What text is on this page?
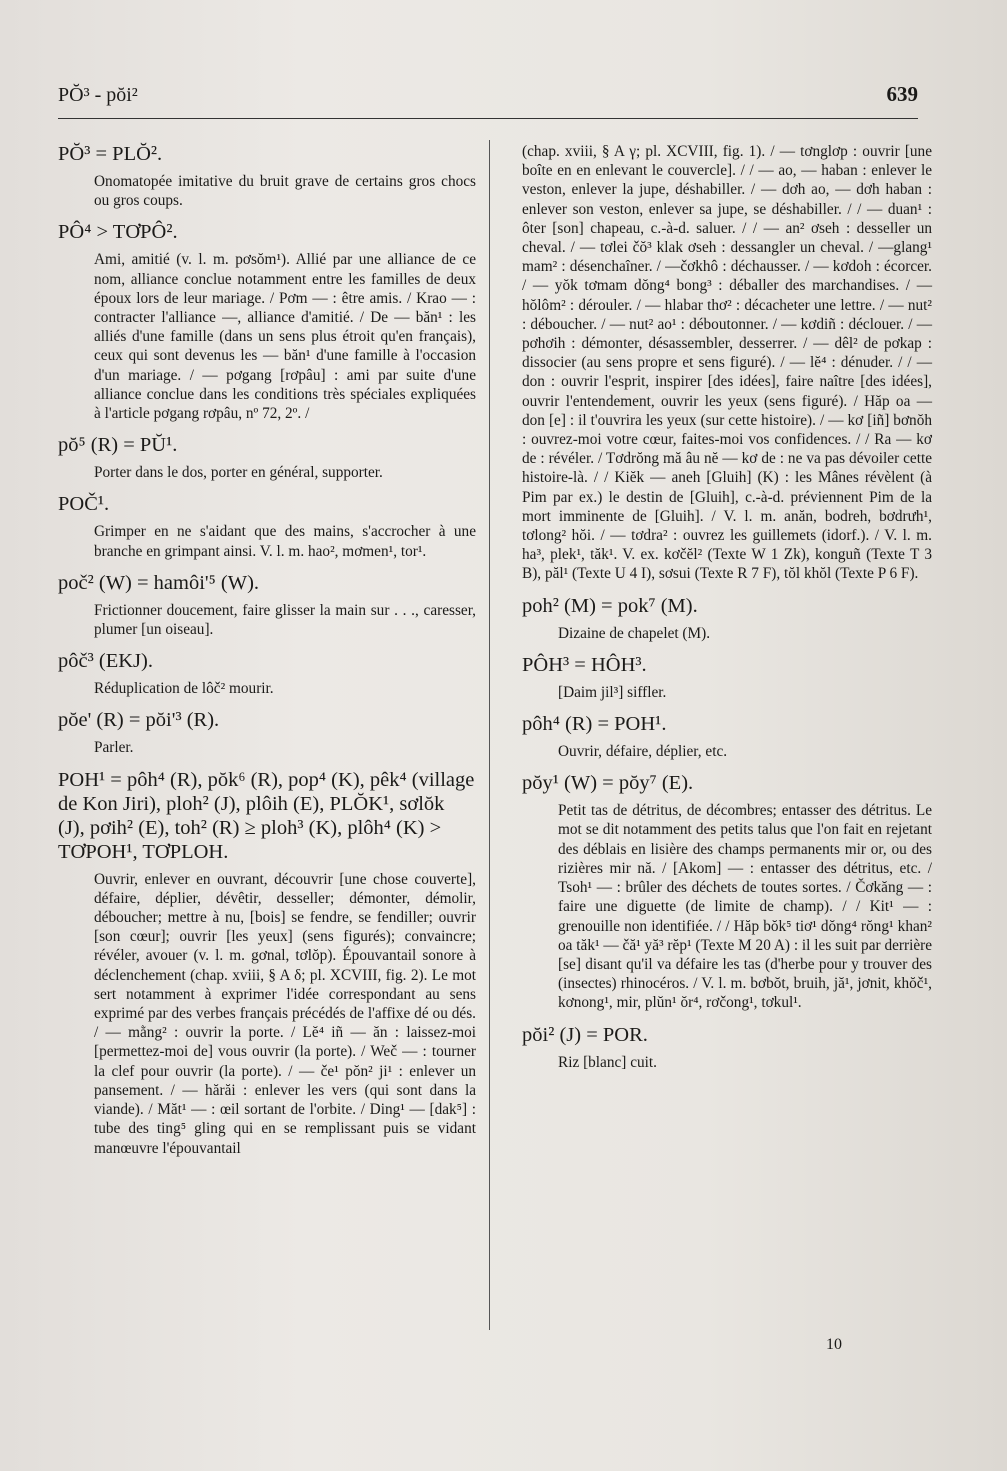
PŎ³ - pŏi²	639
PŎ³ = PLŎ².
Onomatopée imitative du bruit grave de certains gros chocs ou gros coups.
PÔ⁴ > TƠPÔ².
Ami, amitié (v. l. m. pơsŏm¹). Allié par une alliance de ce nom, alliance conclue notamment entre les familles de deux époux lors de leur mariage. / Pơm — : être amis. / Krao — : contracter l'alliance —, alliance d'amitié. / De — băn¹ : les alliés d'une famille (dans un sens plus étroit qu'en français), ceux qui sont devenus les — băn¹ d'une famille à l'occasion d'un mariage. / — pơgang [rơpâu] : ami par suite d'une alliance conclue dans les conditions très spéciales expliquées à l'article pơgang rơpâu, nº 72, 2º. /
pŏ⁵ (R) = PŬ¹.
Porter dans le dos, porter en général, supporter.
POČ¹.
Grimper en ne s'aidant que des mains, s'accrocher à une branche en grimpant ainsi. V. l. m. hao², mơmen¹, tor¹.
poč² (W) = hamôi'⁵ (W).
Frictionner doucement, faire glisser la main sur . . ., caresser, plumer [un oiseau].
pôč³ (EKJ).
Réduplication de lôč² mourir.
pŏe' (R) = pŏi'³ (R).
Parler.
POH¹ = pôh⁴ (R), pŏk⁶ (R), pop⁴ (K), pêk⁴ (village de Kon Jiri), ploh² (J), plôih (E), PLŎK¹, sơlŏk (J), pơih² (E), toh² (R) ≥ ploh³ (K), plôh⁴ (K) > TƠPOH¹, TƠPLOH.
Ouvrir, enlever en ouvrant, découvrir [une chose couverte], défaire, déplier, dévêtir, desseller; démonter, démolir, déboucher; mettre à nu, [bois] se fendre, se fendiller; ouvrir [son cœur]; ouvrir [les yeux] (sens figurés); convaincre; révéler, avouer (v. l. m. gơnal, tơlŏp). Épouvantail sonore à déclenchement (chap. xviii, § A δ; pl. XCVIII, fig. 2). Le mot sert notamment à exprimer l'idée correspondant au sens exprimé par des verbes français précédés de l'affixe dé ou dés. / — mằng² : ouvrir la porte. / Lĕ⁴ iñ — ăn : laissez-moi [permettez-moi de] vous ouvrir (la porte). / Weč — : tourner la clef pour ouvrir (la porte). / — če¹ pŏn² ji¹ : enlever un pansement. / — hărăi : enlever les vers (qui sont dans la viande). / Măt¹ — : œil sortant de l'orbite. / Ding¹ — [dak⁵] : tube des ting⁵ gling qui en se remplissant puis se vidant manœuvre l'épouvantail
(chap. xviii, § A γ; pl. XCVIII, fig. 1). / — tơnglơp : ouvrir [une boîte en en enlevant le couvercle]. / / — ao, — haban : enlever le veston, enlever la jupe, déshabiller. / — dơh ao, — dơh haban : enlever son veston, enlever sa jupe, se déshabiller. / / — duan¹ : ôter [son] chapeau, c.-à-d. saluer. / / — an² ơseh : desseller un cheval. / — tơlei čŏ³ klak ơseh : dessangler un cheval. / —glang¹ mam² : désenchaîner. / —čơkhô : déchausser. / — kơdoh : écorcer. / — yŏk tơmam dŏng⁴ bong³ : déballer des marchandises. / — hŏlôm² : dérouler. / — hlabar thơ² : décacheter une lettre. / — nut² : déboucher. / — nut² ao¹ : déboutonner. / — kơdiñ : déclouer. / — pơhơih : démonter, désassembler, desserrer. / — dêl² de pơkap : dissocier (au sens propre et sens figuré). / — lĕ⁴ : dénuder. / / — don : ouvrir l'esprit, inspirer [des idées], faire naître [des idées], ouvrir l'entendement, ouvrir les yeux (sens figuré). / Hăp oa — don [e] : il t'ouvrira les yeux (sur cette histoire). / — kơ [iñ] bơnŏh : ouvrez-moi votre cœur, faites-moi vos confidences. / / Ra — kơ de : révéler. / Tơdrŏng mă âu nĕ — kơ de : ne va pas dévoiler cette histoire-là. / / Kiĕk — aneh [Gluih] (K) : les Mânes révèlent (à Pim par ex.) le destin de [Gluih], c.-à-d. préviennent Pim de la mort imminente de [Gluih]. / V. l. m. anăn, bodreh, bơdrưh¹, tơlong² hŏi. / — tơdra² : ouvrez les guillemets (idorf.). / V. l. m. ha³, plek¹, tăk¹. V. ex. kơčĕl² (Texte W 1 Zk), konguñ (Texte T 3 B), păl¹ (Texte U 4 I), sơsui (Texte R 7 F), tŏl khŏl (Texte P 6 F).
poh² (M) = pok⁷ (M).
Dizaine de chapelet (M).
PÔH³ = HÔH³.
[Daim jil³] siffler.
pôh⁴ (R) = POH¹.
Ouvrir, défaire, déplier, etc.
pŏy¹ (W) = pŏy⁷ (E).
Petit tas de détritus, de décombres; entasser des détritus. Le mot se dit notamment des petits talus que l'on fait en rejetant des déblais en lisière des champs permanents mir or, ou des rizières mir nă. / [Akom] — : entasser des détritus, etc. / Tsoh¹ — : brûler des déchets de toutes sortes. / Čơkăng — : faire une diguette (de limite de champ). / / Kit¹ — : grenouille non identifiée. / / Hăp bŏk⁵ tiơ¹ dŏng⁴ rŏng¹ khan² oa tăk¹ — čă¹ yă³ rĕp¹ (Texte M 20 A) : il les suit par derrière [se] disant qu'il va défaire les tas (d'herbe pour y trouver des (insectes) rhinocéros. / V. l. m. bơbŏt, bruih, jă¹, jơnit, khŏč¹, kơnong¹, mir, plŭn¹ ŏr⁴, rơčong¹, tơkul¹.
pŏi² (J) = POR.
Riz [blanc] cuit.
10
